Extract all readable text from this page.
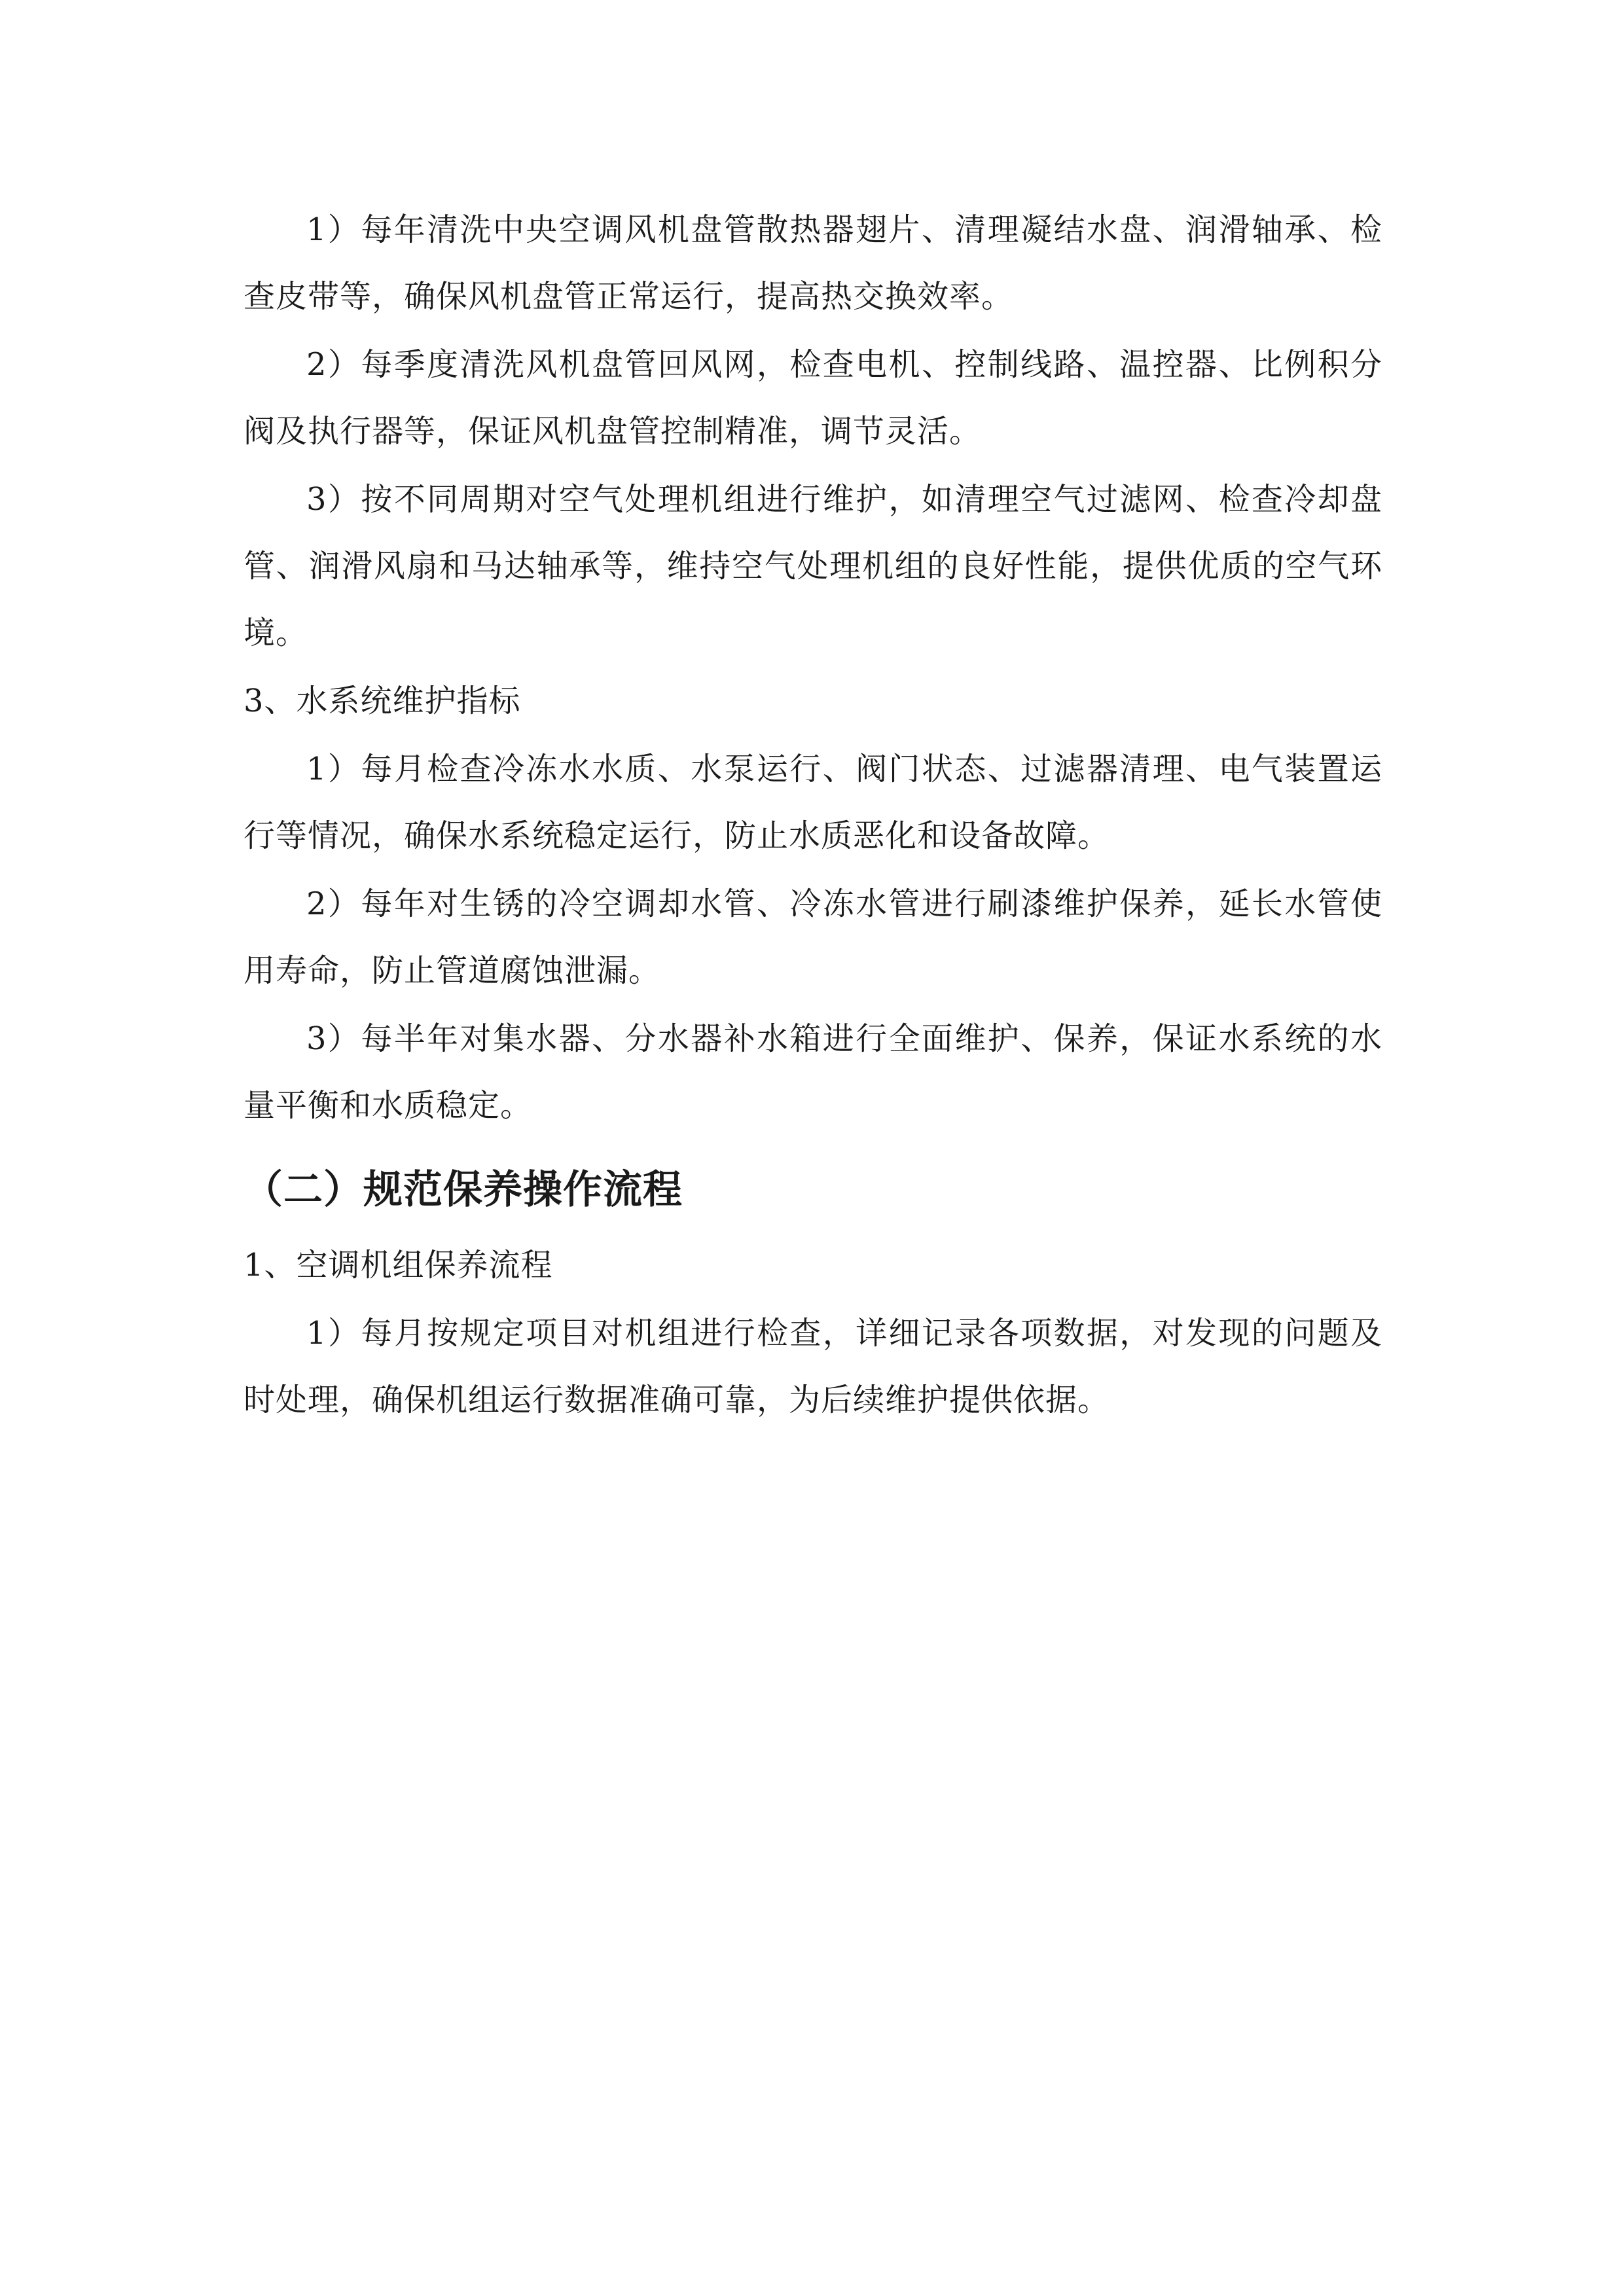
1）每年清洗中央空调风机盘管散热器翅片、清理凝结水盘、润滑轴承、检查皮带等，确保风机盘管正常运行，提高热交换效率。

2）每季度清洗风机盘管回风网，检查电机、控制线路、温控器、比例积分阀及执行器等，保证风机盘管控制精准，调节灵活。

3）按不同周期对空气处理机组进行维护，如清理空气过滤网、检查冷却盘管、润滑风扇和马达轴承等，维持空气处理机组的良好性能，提供优质的空气环境。

3、水系统维护指标

1）每月检查冷冻水水质、水泵运行、阀门状态、过滤器清理、电气装置运行等情况，确保水系统稳定运行，防止水质恶化和设备故障。

2）每年对生锈的冷空调却水管、冷冻水管进行刷漆维护保养，延长水管使用寿命，防止管道腐蚀泄漏。

3）每半年对集水器、分水器补水箱进行全面维护、保养，保证水系统的水量平衡和水质稳定。

（二）规范保养操作流程

1、空调机组保养流程

1）每月按规定项目对机组进行检查，详细记录各项数据，对发现的问题及时处理，确保机组运行数据准确可靠，为后续维护提供依据。
